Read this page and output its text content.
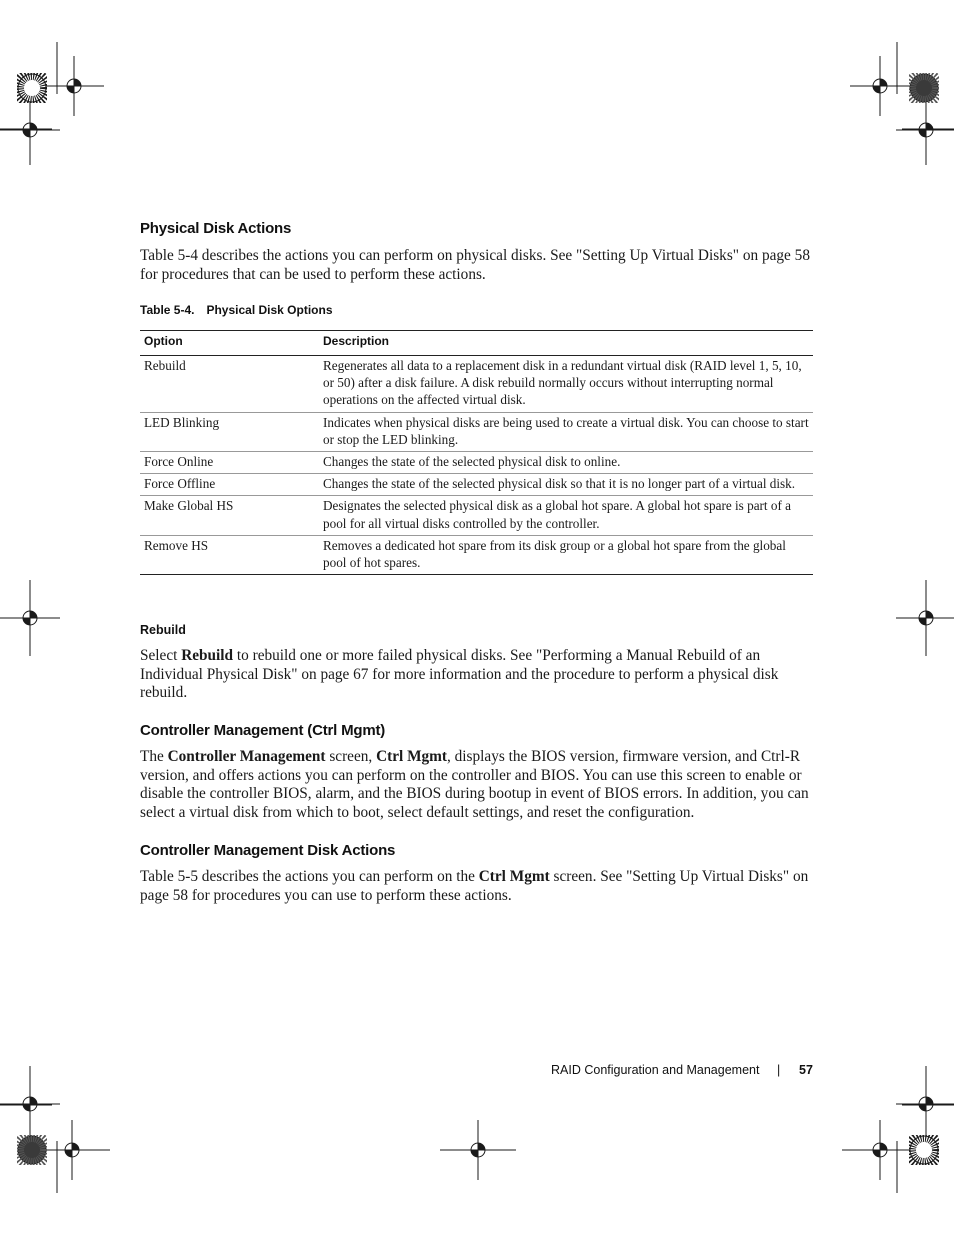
Physical Disk Actions

Table 5-4 describes the actions you can perform on physical disks. See "Setting Up Virtual Disks" on page 58 for procedures that can be used to perform these actions.

Table 5-4. Physical Disk Options
Option	Description
Rebuild	Regenerates all data to a replacement disk in a redundant virtual disk (RAID level 1, 5, 10, or 50) after a disk failure. A disk rebuild normally occurs without interrupting normal operations on the affected virtual disk.
LED Blinking	Indicates when physical disks are being used to create a virtual disk. You can choose to start or stop the LED blinking.
Force Online	Changes the state of the selected physical disk to online.
Force Offline	Changes the state of the selected physical disk so that it is no longer part of a virtual disk.
Make Global HS	Designates the selected physical disk as a global hot spare. A global hot spare is part of a pool for all virtual disks controlled by the controller.
Remove HS	Removes a dedicated hot spare from its disk group or a global hot spare from the global pool of hot spares.
Rebuild

Select Rebuild to rebuild one or more failed physical disks. See "Performing a Manual Rebuild of an Individual Physical Disk" on page 67 for more information and the procedure to perform a physical disk rebuild.

Controller Management (Ctrl Mgmt)

The Controller Management screen, Ctrl Mgmt, displays the BIOS version, firmware version, and Ctrl-R version, and offers actions you can perform on the controller and BIOS. You can use this screen to enable or disable the controller BIOS, alarm, and the BIOS during bootup in event of BIOS errors. In addition, you can select a virtual disk from which to boot, select default settings, and reset the configuration.

Controller Management Disk Actions

Table 5-5 describes the actions you can perform on the Ctrl Mgmt screen. See "Setting Up Virtual Disks" on page 58 for procedures you can use to perform these actions.

RAID Configuration and Management | 57
